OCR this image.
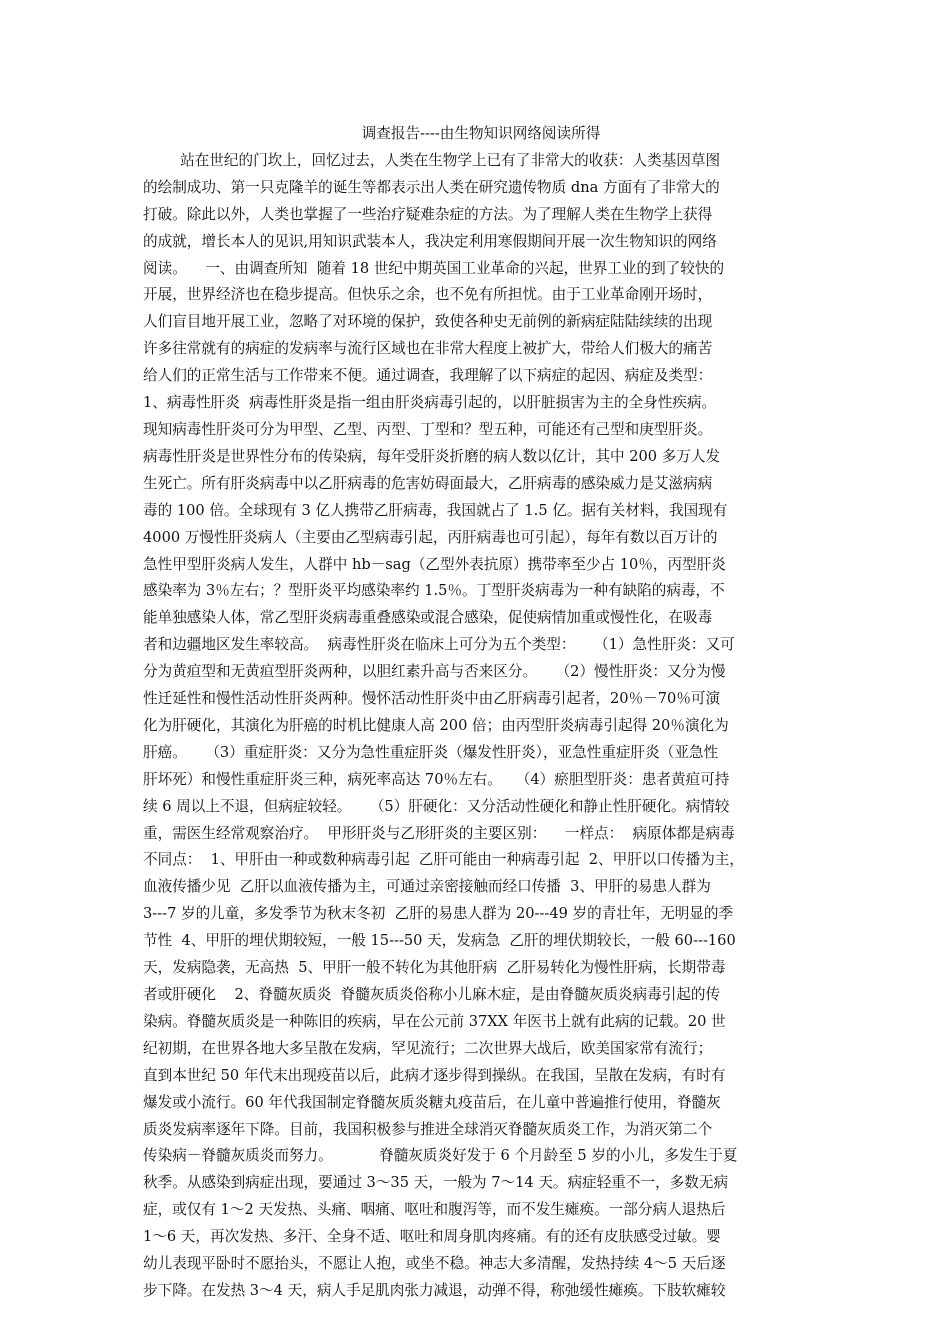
调查报告----由生物知识网络阅读所得
站在世纪的门坎上，回忆过去，人类在生物学上已有了非常大的收获：人类基因草图
的绘制成功、第一只克隆羊的诞生等都表示出人类在研究遗传物质 dna 方面有了非常大的
打破。除此以外，人类也掌握了一些治疗疑难杂症的方法。为了理解人类在生物学上获得
的成就，增长本人的见识,用知识武装本人，我决定利用寒假期间开展一次生物知识的网络
阅读。    一、由调查所知  随着 18 世纪中期英国工业革命的兴起，世界工业的到了较快的
开展，世界经济也在稳步提高。但快乐之余，也不免有所担忧。由于工业革命刚开场时，
人们盲目地开展工业，忽略了对环境的保护，致使各种史无前例的新病症陆陆续续的出现
许多往常就有的病症的发病率与流行区域也在非常大程度上被扩大，带给人们极大的痛苦
给人们的正常生活与工作带来不便。通过调查，我理解了以下病症的起因、病症及类型：
1、病毒性肝炎  病毒性肝炎是指一组由肝炎病毒引起的，以肝脏损害为主的全身性疾病。
现知病毒性肝炎可分为甲型、乙型、丙型、丁型和？型五种，可能还有己型和庚型肝炎。
病毒性肝炎是世界性分布的传染病，每年受肝炎折磨的病人数以亿计，其中 200 多万人发
生死亡。所有肝炎病毒中以乙肝病毒的危害妨碍面最大，乙肝病毒的感染威力是艾滋病病
毒的 100 倍。全球现有 3 亿人携带乙肝病毒，我国就占了 1.5 亿。据有关材料，我国现有
4000 万慢性肝炎病人（主要由乙型病毒引起，丙肝病毒也可引起），每年有数以百万计的
急性甲型肝炎病人发生，人群中 hb－sag（乙型外表抗原）携带率至少占 10％，丙型肝炎
感染率为 3％左右；？型肝炎平均感染率约 1.5％。丁型肝炎病毒为一种有缺陷的病毒，不
能单独感染人体，常乙型肝炎病毒重叠感染或混合感染，促使病情加重或慢性化，在吸毒
者和边疆地区发生率较高。  病毒性肝炎在临床上可分为五个类型：    （1）急性肝炎：又可
分为黄疸型和无黄疸型肝炎两种，以胆红素升高与否来区分。    （2）慢性肝炎：又分为慢
性迁延性和慢性活动性肝炎两种。慢怀活动性肝炎中由乙肝病毒引起者，20％－70％可演
化为肝硬化，其演化为肝癌的时机比健康人高 200 倍；由丙型肝炎病毒引起得 20％演化为
肝癌。    （3）重症肝炎：又分为急性重症肝炎（爆发性肝炎），亚急性重症肝炎（亚急性
肝坏死）和慢性重症肝炎三种，病死率高达 70％左右。   （4）瘀胆型肝炎：患者黄疸可持
续 6 周以上不退，但病症较轻。    （5）肝硬化：又分活动性硬化和静止性肝硬化。病情较
重，需医生经常观察治疗。  甲形肝炎与乙形肝炎的主要区别：    一样点：  病原体都是病毒
不同点：  1、甲肝由一种或数种病毒引起  乙肝可能由一种病毒引起  2、甲肝以口传播为主，
血液传播少见  乙肝以血液传播为主，可通过亲密接触而经口传播  3、甲肝的易患人群为
3---7 岁的儿童，多发季节为秋末冬初  乙肝的易患人群为 20---49 岁的青壮年，无明显的季
节性  4、甲肝的埋伏期较短，一般 15---50 天，发病急  乙肝的埋伏期较长，一般 60---160
天，发病隐袭，无高热  5、甲肝一般不转化为其他肝病  乙肝易转化为慢性肝病，长期带毒
者或肝硬化    2、脊髓灰质炎  脊髓灰质炎俗称小儿麻木症，是由脊髓灰质炎病毒引起的传
染病。脊髓灰质炎是一种陈旧的疾病，早在公元前 37XX 年医书上就有此病的记载。20 世
纪初期，在世界各地大多呈散在发病，罕见流行；二次世界大战后，欧美国家常有流行；
直到本世纪 50 年代末出现疫苗以后，此病才逐步得到操纵。在我国，呈散在发病，有时有
爆发或小流行。60 年代我国制定脊髓灰质炎糖丸疫苗后，在儿童中普遍推行使用，脊髓灰
质炎发病率逐年下降。目前，我国积极参与推进全球消灭脊髓灰质炎工作，为消灭第二个
传染病－脊髓灰质炎而努力。          脊髓灰质炎好发于 6 个月龄至 5 岁的小儿，多发生于夏
秋季。从感染到病症出现，要通过 3～35 天，一般为 7～14 天。病症轻重不一，多数无病
症，或仅有 1～2 天发热、头痛、咽痛、呕吐和腹泻等，而不发生瘫痪。一部分病人退热后
1～6 天，再次发热、多汗、全身不适、呕吐和周身肌肉疼痛。有的还有皮肤感受过敏。婴
幼儿表现平卧时不愿抬头，不愿让人抱，或坐不稳。神志大多清醒，发热持续 4～5 天后逐
步下降。在发热 3～4 天，病人手足肌肉张力减退，动弹不得，称弛缓性瘫痪。下肢软瘫较
